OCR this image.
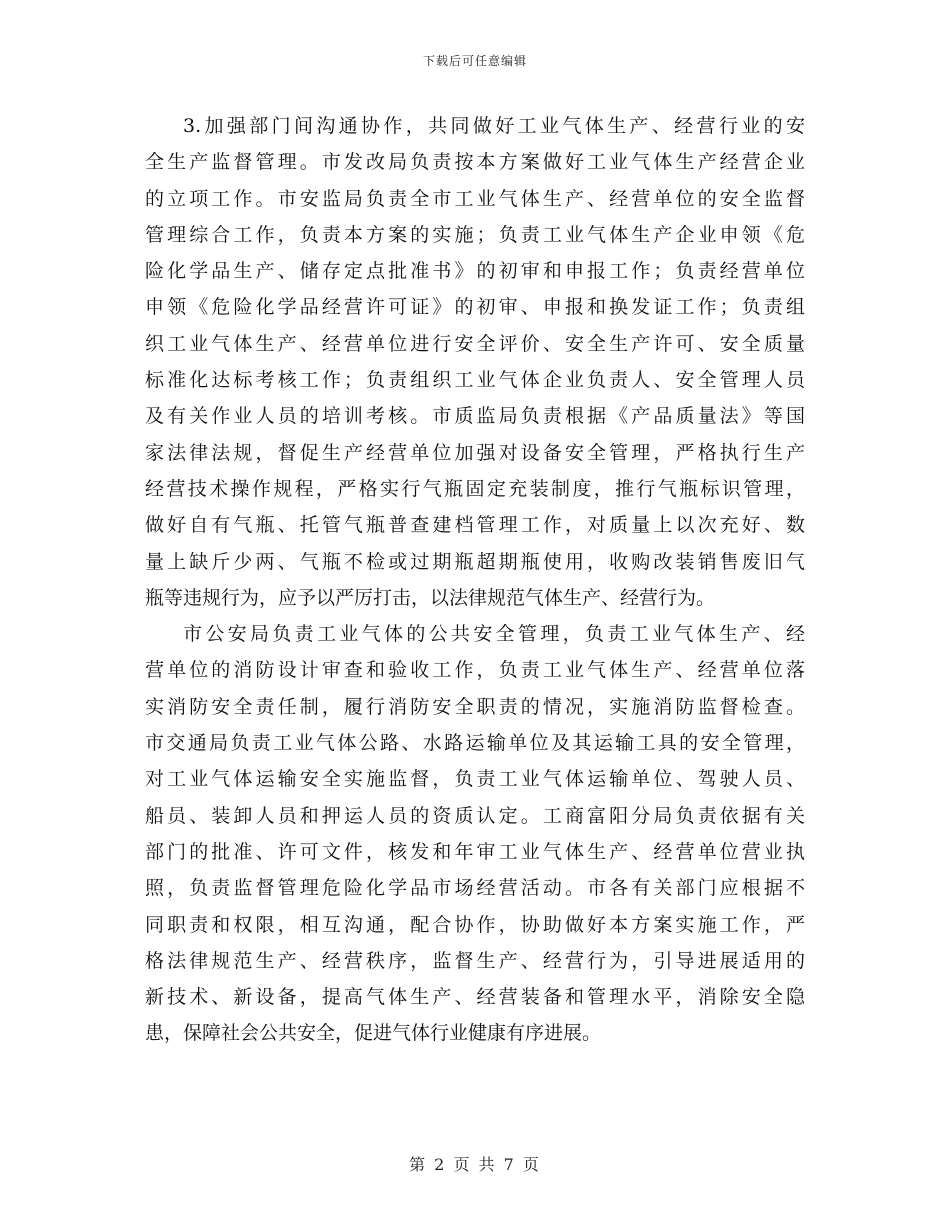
下载后可任意编辑
3.加强部门间沟通协作，共同做好工业气体生产、经营行业的安
全生产监督管理。市发改局负责按本方案做好工业气体生产经营企业
的立项工作。市安监局负责全市工业气体生产、经营单位的安全监督
管理综合工作，负责本方案的实施；负责工业气体生产企业申领《危
险化学品生产、储存定点批准书》的初审和申报工作；负责经营单位
申领《危险化学品经营许可证》的初审、申报和换发证工作；负责组
织工业气体生产、经营单位进行安全评价、安全生产许可、安全质量
标准化达标考核工作；负责组织工业气体企业负责人、安全管理人员
及有关作业人员的培训考核。市质监局负责根据《产品质量法》等国
家法律法规，督促生产经营单位加强对设备安全管理，严格执行生产
经营技术操作规程，严格实行气瓶固定充装制度，推行气瓶标识管理，
做好自有气瓶、托管气瓶普查建档管理工作，对质量上以次充好、数
量上缺斤少两、气瓶不检或过期瓶超期瓶使用，收购改装销售废旧气
瓶等违规行为，应予以严厉打击，以法律规范气体生产、经营行为。
市公安局负责工业气体的公共安全管理，负责工业气体生产、经
营单位的消防设计审查和验收工作，负责工业气体生产、经营单位落
实消防安全责任制，履行消防安全职责的情况，实施消防监督检查。
市交通局负责工业气体公路、水路运输单位及其运输工具的安全管理，
对工业气体运输安全实施监督，负责工业气体运输单位、驾驶人员、
船员、装卸人员和押运人员的资质认定。工商富阳分局负责依据有关
部门的批准、许可文件，核发和年审工业气体生产、经营单位营业执
照，负责监督管理危险化学品市场经营活动。市各有关部门应根据不
同职责和权限，相互沟通，配合协作，协助做好本方案实施工作，严
格法律规范生产、经营秩序，监督生产、经营行为，引导进展适用的
新技术、新设备，提高气体生产、经营装备和管理水平，消除安全隐
患，保障社会公共安全，促进气体行业健康有序进展。
第 2 页 共 7 页
